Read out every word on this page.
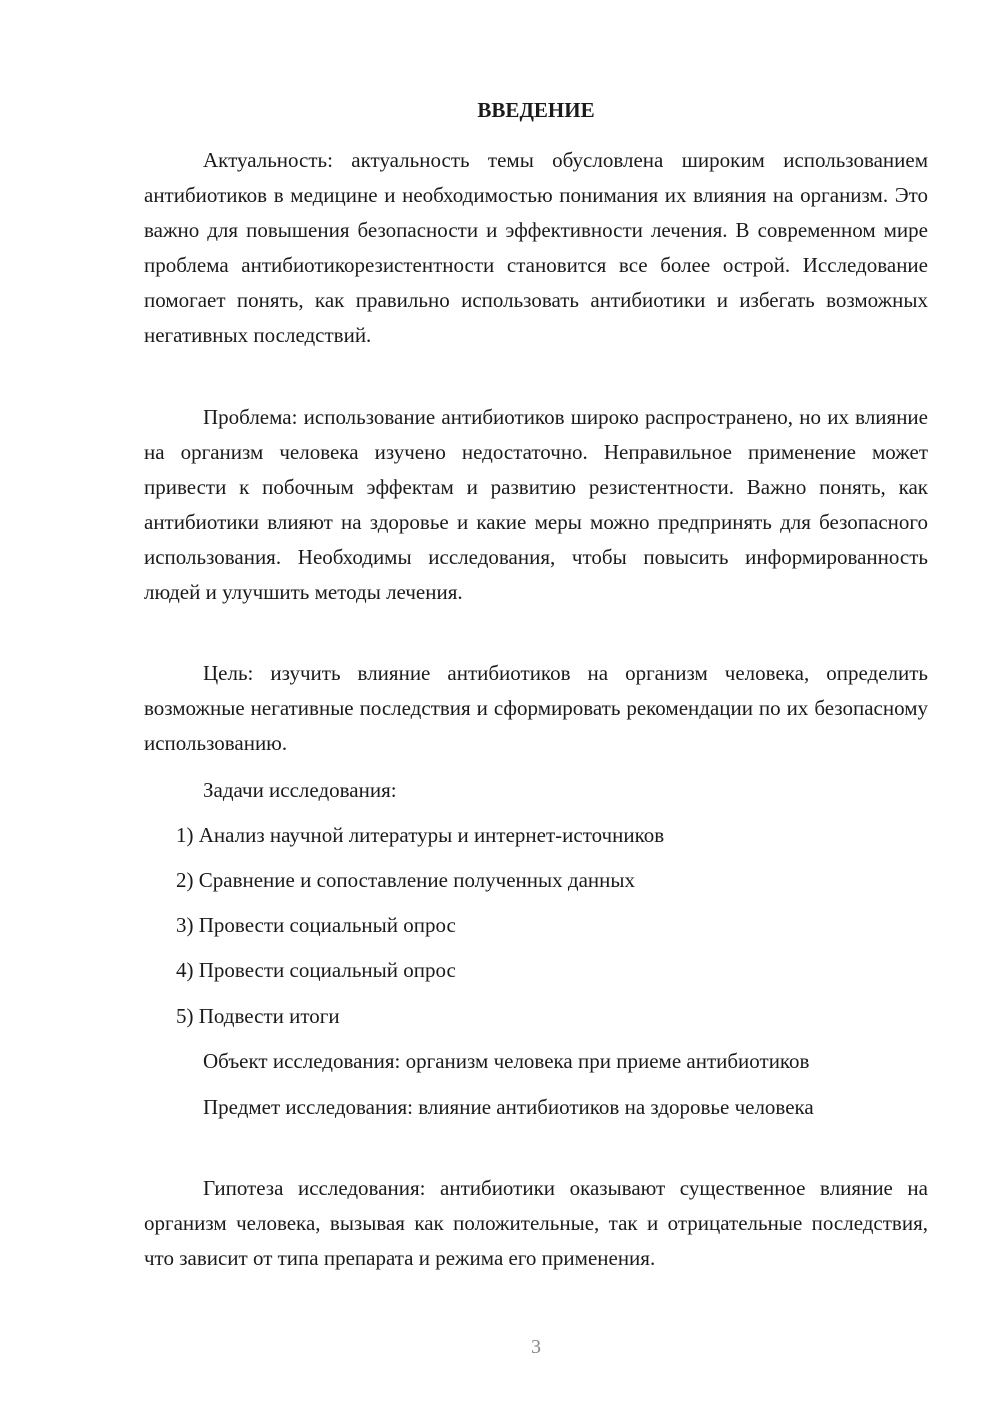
ВВЕДЕНИЕ

Актуальность: актуальность темы обусловлена широким использованием антибиотиков в медицине и необходимостью понимания их влияния на организм. Это важно для повышения безопасности и эффективности лечения. В современном мире проблема антибиотикорезистентности становится все более острой. Исследование помогает понять, как правильно использовать антибиотики и избегать возможных негативных последствий.

Проблема: использование антибиотиков широко распространено, но их влияние на организм человека изучено недостаточно. Неправильное применение может привести к побочным эффектам и развитию резистентности. Важно понять, как антибиотики влияют на здоровье и какие меры можно предпринять для безопасного использования. Необходимы исследования, чтобы повысить информированность людей и улучшить методы лечения.

Цель: изучить влияние антибиотиков на организм человека, определить возможные негативные последствия и сформировать рекомендации по их безопасному использованию.

Задачи исследования:

1) Анализ научной литературы и интернет-источников

2) Сравнение и сопоставление полученных данных

3) Провести социальный опрос

4) Провести социальный опрос

5) Подвести итоги

Объект исследования: организм человека при приеме антибиотиков

Предмет исследования: влияние антибиотиков на здоровье человека

Гипотеза исследования: антибиотики оказывают существенное влияние на организм человека, вызывая как положительные, так и отрицательные последствия, что зависит от типа препарата и режима его применения.

3
